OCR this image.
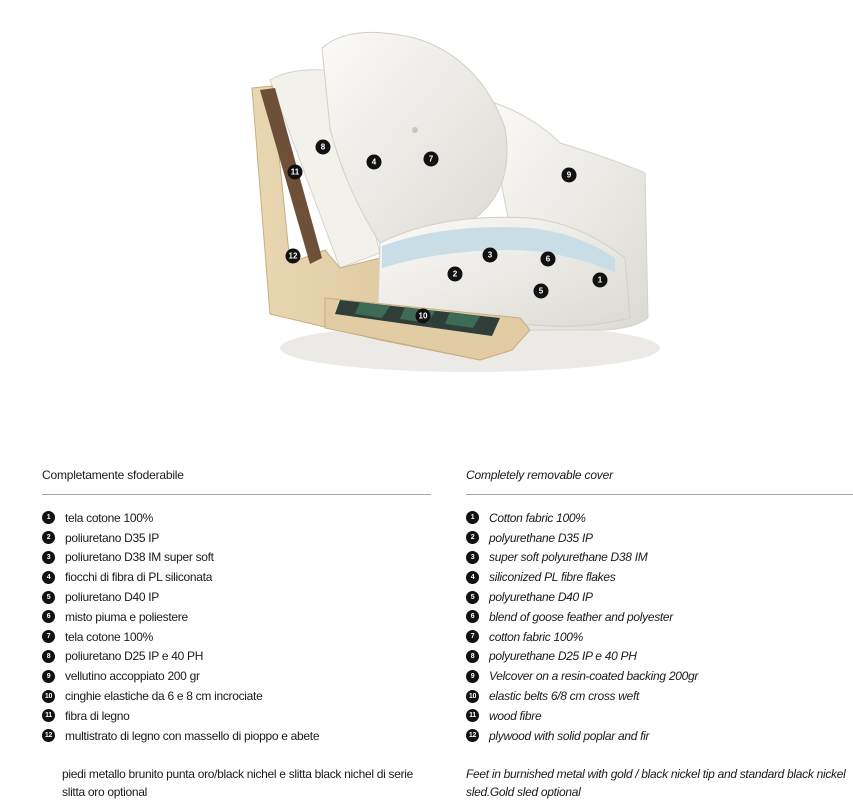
1
2
3
4
5
6
7
8
9
10
11
12
Completamente sfoderabile
1	tela cotone 100%
2	poliuretano D35 IP
3	poliuretano D38 IM super soft
4	fiocchi di fibra di PL siliconata
5	poliuretano D40 IP
6	misto piuma e poliestere
7	tela cotone 100%
8	poliuretano D25 IP e 40 PH
9	vellutino accoppiato 200 gr
10 cinghie elastiche da 6 e 8 cm incrociate
11 fibra di legno
12 multistrato di legno con massello di pioppo e abete
piedi metallo brunito punta oro/black nichel e slitta black nichel di serie
slitta oro optional
Completely removable cover
1	Cotton fabric 100%
2	polyurethane D35 IP
3	super soft polyurethane D38 IM
4	siliconized PL fibre flakes
5	polyurethane D40 IP
6	blend of goose feather and polyester
7	cotton fabric 100%
8	polyurethane D25 IP e 40 PH
9	Velcover on a resin-coated backing 200gr
10 elastic belts 6/8 cm cross weft
11 wood fibre
12 plywood with solid poplar and fir
Feet in burnished metal with gold / black nickel tip and standard black nickel
sled.Gold sled optional
